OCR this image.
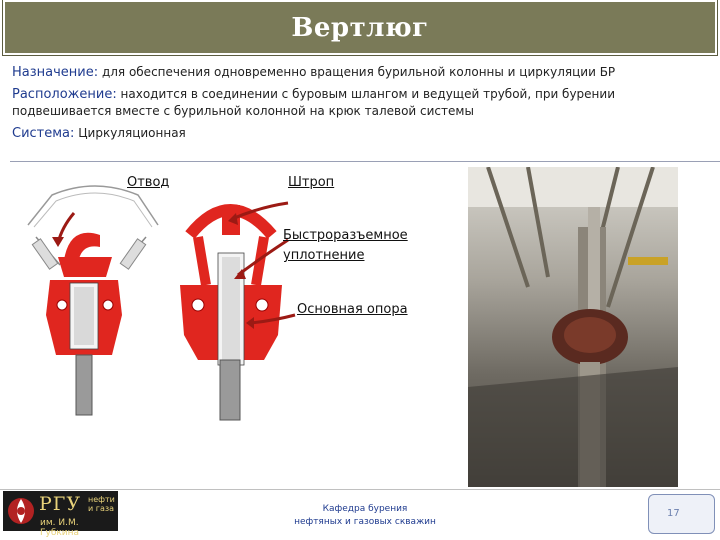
Вертлюг

Назначение: для обеспечения одновременно вращения бурильной колонны и циркуляции БР

Расположение: находится в соединении с буровым шлангом и ведущей трубой, при бурении подвешивается вместе с бурильной колонной на крюк талевой системы

Система: Циркуляционная

Отвод	Штроп
Быстроразъемное
уплотнение
Основная опора
РГУ нефти
и газа
им. И.М. Губкина
Кафедра бурения
нефтяных и газовых скважин
17
